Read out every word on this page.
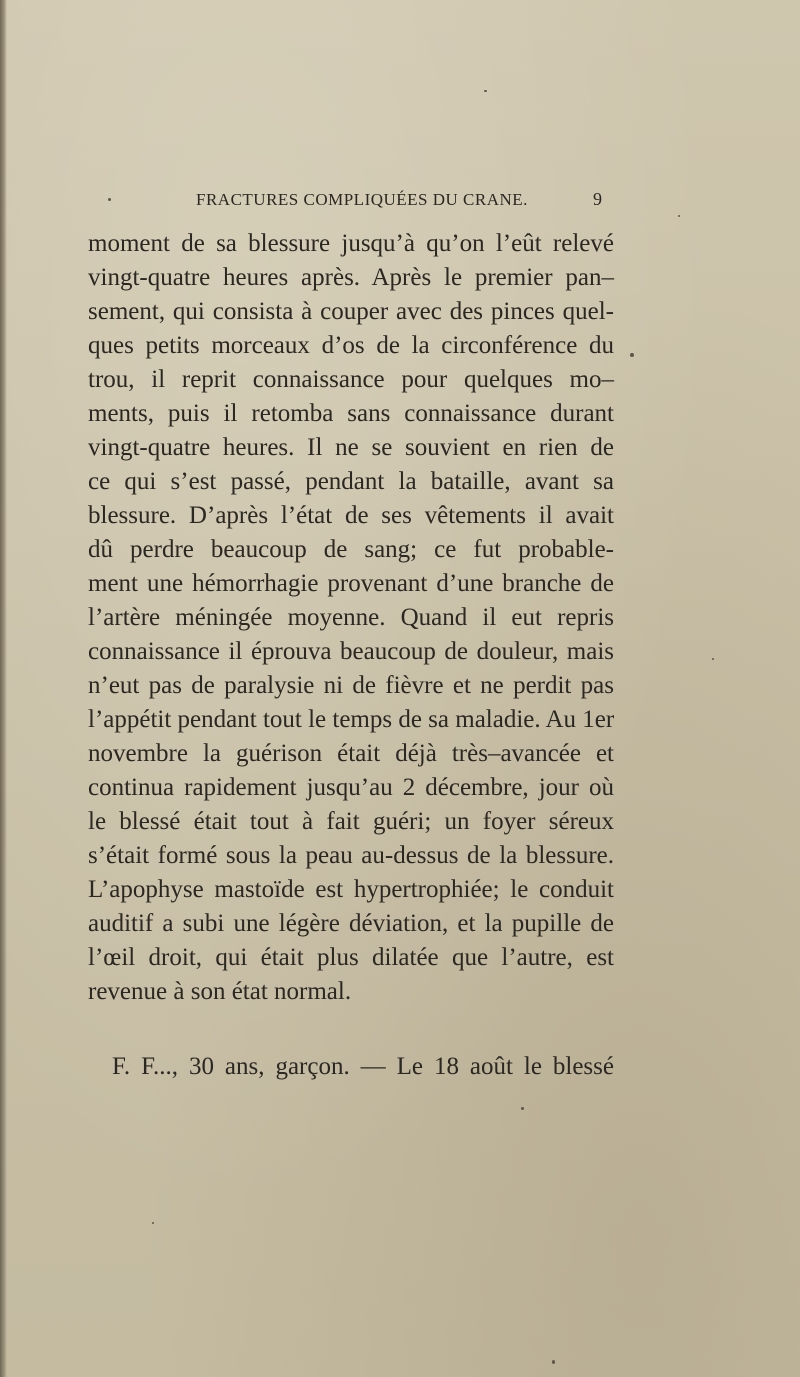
FRACTURES COMPLIQUÉES DU CRANE.	9
moment de sa blessure jusqu’à qu’on l’eût relevé
vingt-quatre heures après. Après le premier pan–
sement, qui consista à couper avec des pinces quel-
ques petits morceaux d’os de la circonférence du
trou, il reprit connaissance pour quelques mo–
ments, puis il retomba sans connaissance durant
vingt-quatre heures. Il ne se souvient en rien de
ce qui s’est passé, pendant la bataille, avant sa
blessure. D’après l’état de ses vêtements il avait
dû perdre beaucoup de sang; ce fut probable-
ment une hémorrhagie provenant d’une branche de
l’artère méningée moyenne. Quand il eut repris
connaissance il éprouva beaucoup de douleur, mais
n’eut pas de paralysie ni de fièvre et ne perdit pas
l’appétit pendant tout le temps de sa maladie. Au 1er
novembre la guérison était déjà très–avancée et
continua rapidement jusqu’au 2 décembre, jour où
le blessé était tout à fait guéri; un foyer séreux
s’était formé sous la peau au-dessus de la blessure.
L’apophyse mastoïde est hypertrophiée; le conduit
auditif a subi une légère déviation, et la pupille de
l’œil droit, qui était plus dilatée que l’autre, est
revenue à son état normal.
F. F..., 30 ans, garçon. — Le 18 août le blessé
